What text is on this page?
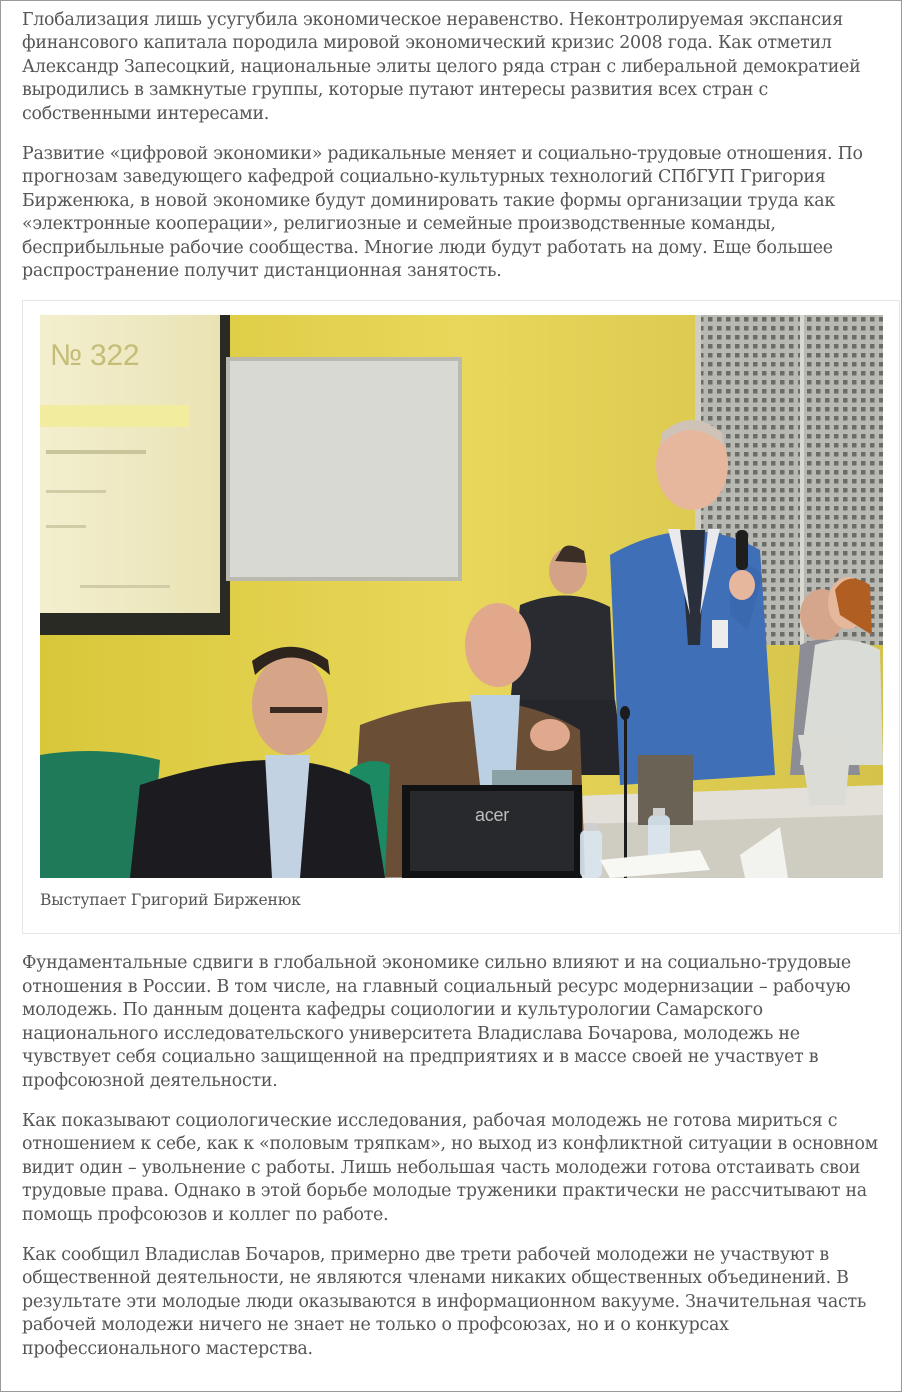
Глобализация лишь усугубила экономическое неравенство. Неконтролируемая экспансия финансового капитала породила мировой экономический кризис 2008 года. Как отметил Александр Запесоцкий, национальные элиты целого ряда стран с либеральной демократией выродились в замкнутые группы, которые путают интересы развития всех стран с собственными интересами.

Развитие «цифровой экономики» радикальные меняет и социально-трудовые отношения. По прогнозам заведующего кафедрой социально-культурных технологий СПбГУП Григория Бирженюка, в новой экономике будут доминировать такие формы организации труда как «электронные кооперации», религиозные и семейные производственные команды, бесприбыльные рабочие сообщества. Многие люди будут работать на дому. Еще большее распространение получит дистанционная занятость.

№ 322
acer
Выступает Григорий Бирженюк

Фундаментальные сдвиги в глобальной экономике сильно влияют и на социально-трудовые отношения в России. В том числе, на главный социальный ресурс модернизации – рабочую молодежь. По данным доцента кафедры социологии и культурологии Самарского национального исследовательского университета Владислава Бочарова, молодежь не чувствует себя социально защищенной на предприятиях и в массе своей не участвует в профсоюзной деятельности.

Как показывают социологические исследования, рабочая молодежь не готова мириться с отношением к себе, как к «половым тряпкам», но выход из конфликтной ситуации в основном видит один – увольнение с работы. Лишь небольшая часть молодежи готова отстаивать свои трудовые права. Однако в этой борьбе молодые труженики практически не рассчитывают на помощь профсоюзов и коллег по работе.

Как сообщил Владислав Бочаров, примерно две трети рабочей молодежи не участвуют в общественной деятельности, не являются членами никаких общественных объединений. В результате эти молодые люди оказываются в информационном вакууме. Значительная часть рабочей молодежи ничего не знает не только о профсоюзах, но и о конкурсах профессионального мастерства.
